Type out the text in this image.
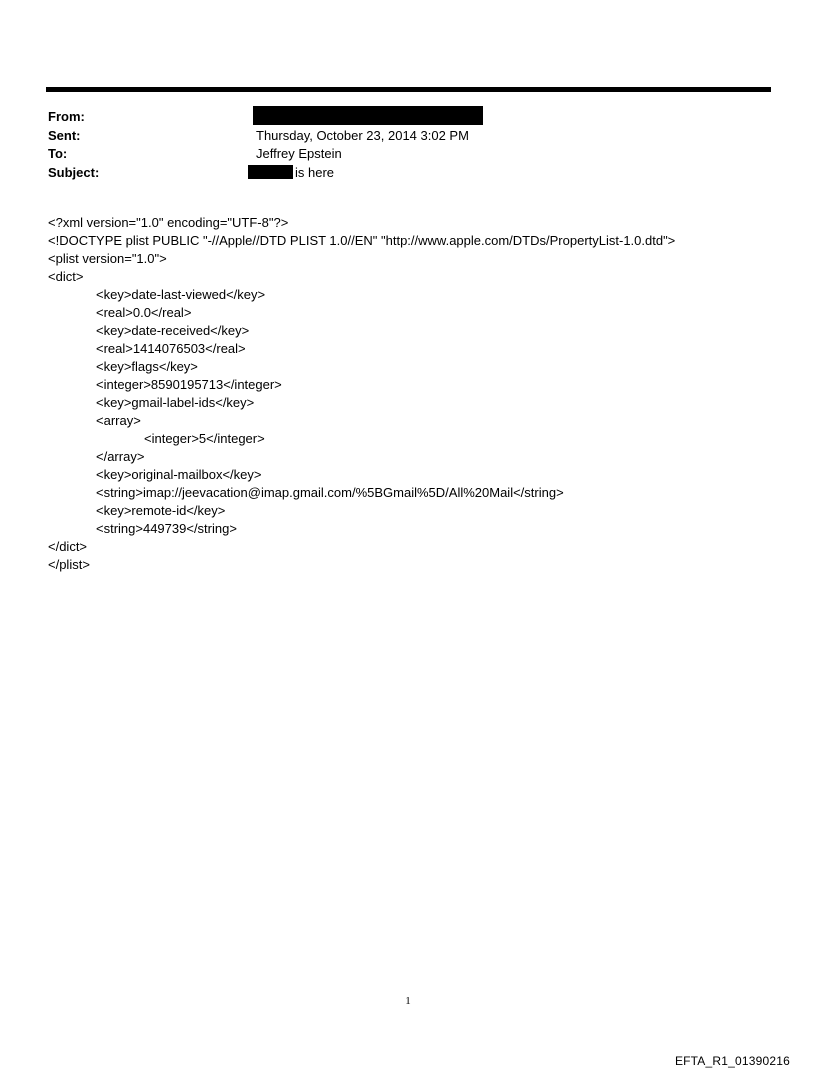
From:
Sent:	Thursday, October 23, 2014 3:02 PM
To:	Jeffrey Epstein
Subject:	is here
<?xml version="1.0" encoding="UTF-8"?>
<!DOCTYPE plist PUBLIC "-//Apple//DTD PLIST 1.0//EN" "http://www.apple.com/DTDs/PropertyList-1.0.dtd">
<plist version="1.0">
<dict>
<key>date-last-viewed</key>
<real>0.0</real>
<key>date-received</key>
<real>1414076503</real>
<key>flags</key>
<integer>8590195713</integer>
<key>gmail-label-ids</key>
<array>
<integer>5</integer>
</array>
<key>original-mailbox</key>
<string>imap://jeevacation@imap.gmail.com/%5BGmail%5D/All%20Mail</string>
<key>remote-id</key>
<string>449739</string>
</dict>
</plist>
1
EFTA_R1_01390216
